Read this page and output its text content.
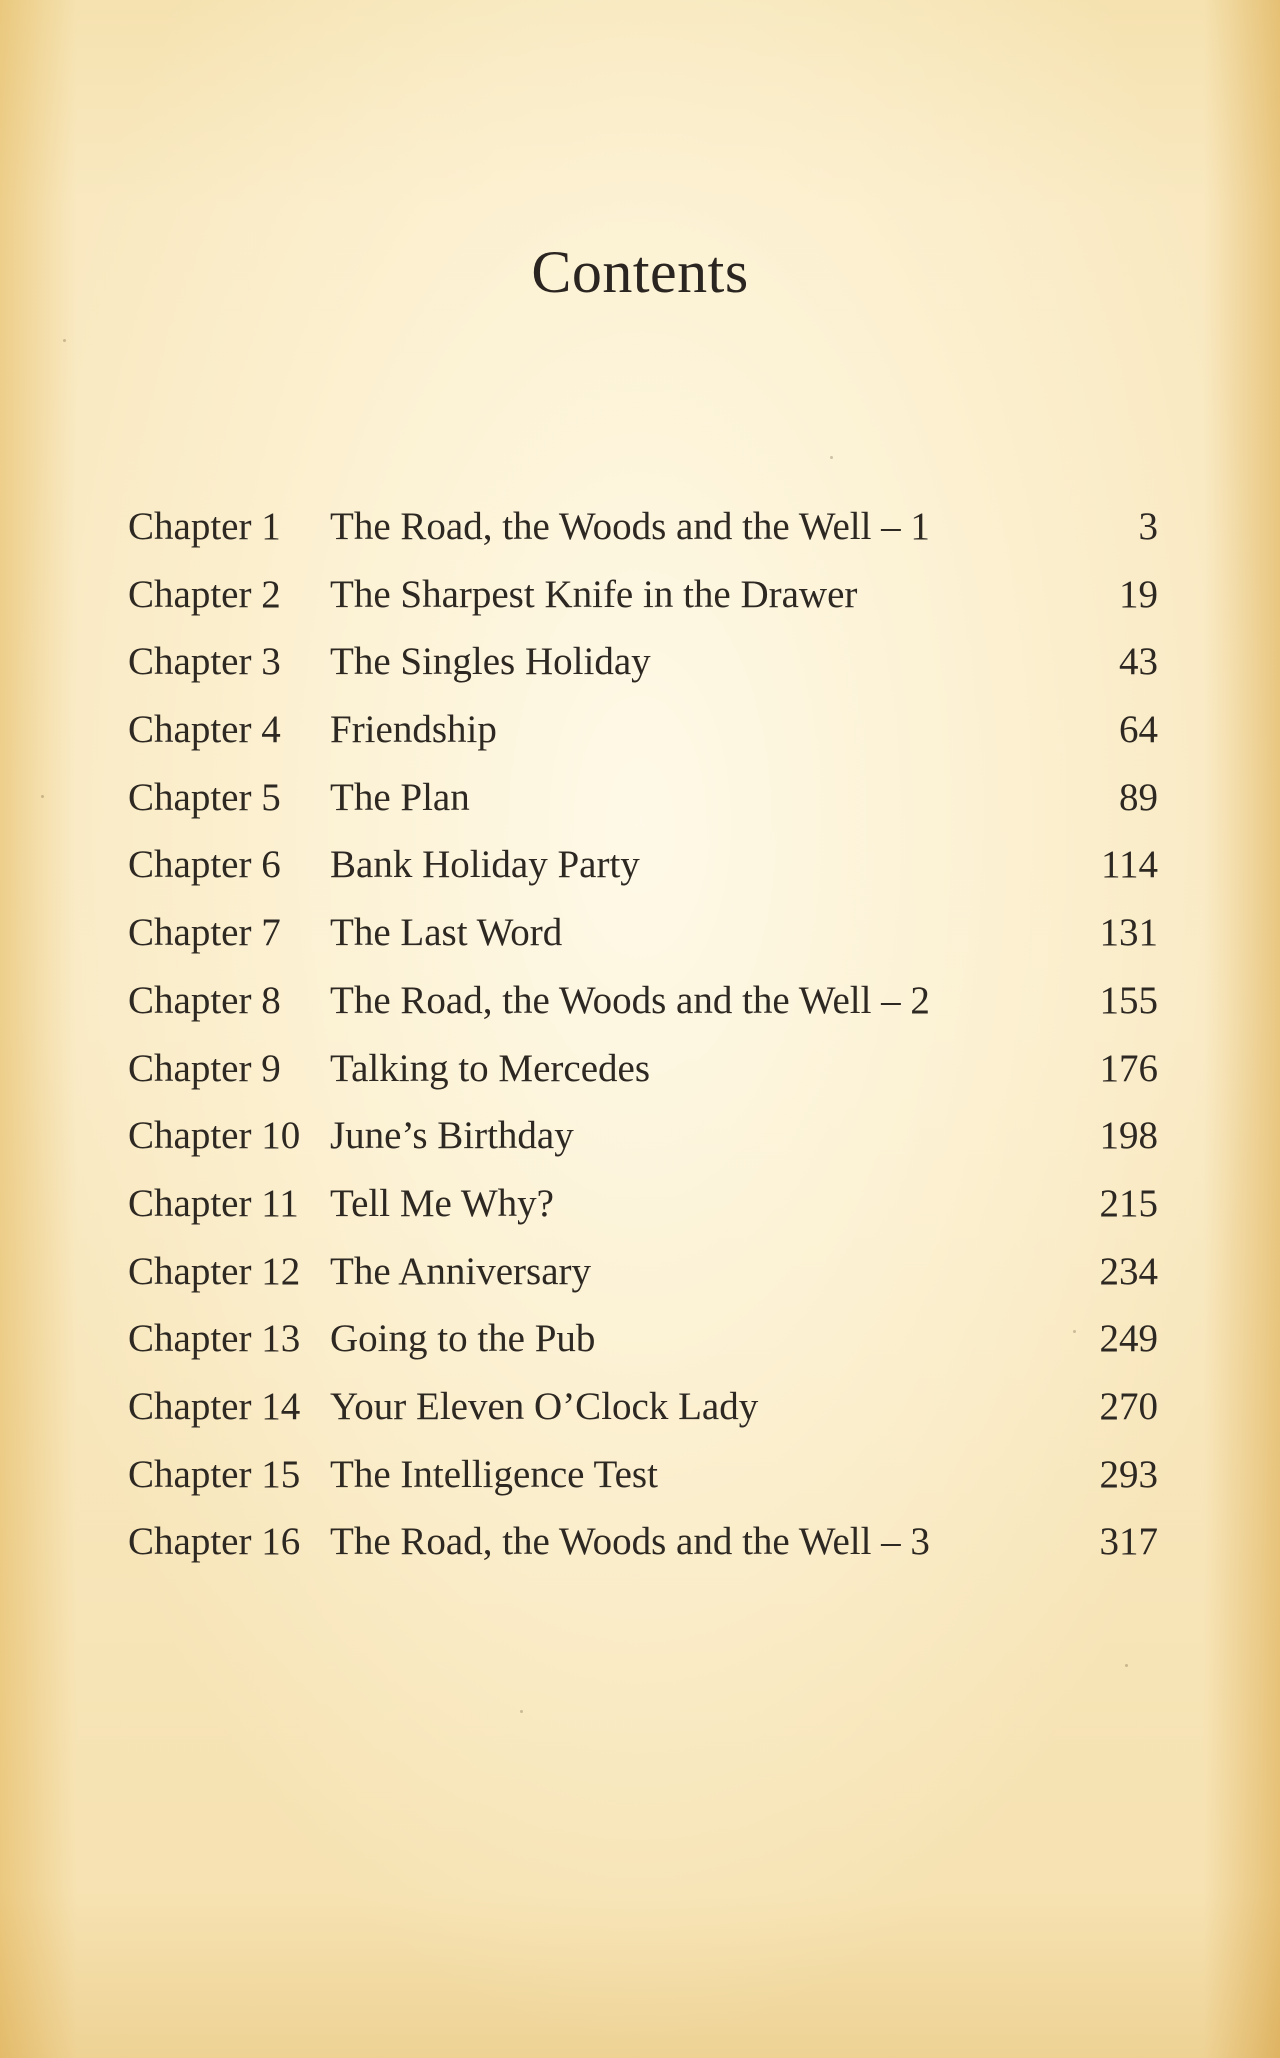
Contents
Chapter 1	The Road, the Woods and the Well – 1	3
Chapter 2	The Sharpest Knife in the Drawer	19
Chapter 3	The Singles Holiday	43
Chapter 4	Friendship	64
Chapter 5	The Plan	89
Chapter 6	Bank Holiday Party	114
Chapter 7	The Last Word	131
Chapter 8	The Road, the Woods and the Well – 2	155
Chapter 9	Talking to Mercedes	176
Chapter 10 June’s Birthday	198
Chapter 11 Tell Me Why?	215
Chapter 12 The Anniversary	234
Chapter 13 Going to the Pub	249
Chapter 14 Your Eleven O’Clock Lady	270
Chapter 15 The Intelligence Test	293
Chapter 16 The Road, the Woods and the Well – 3	317
